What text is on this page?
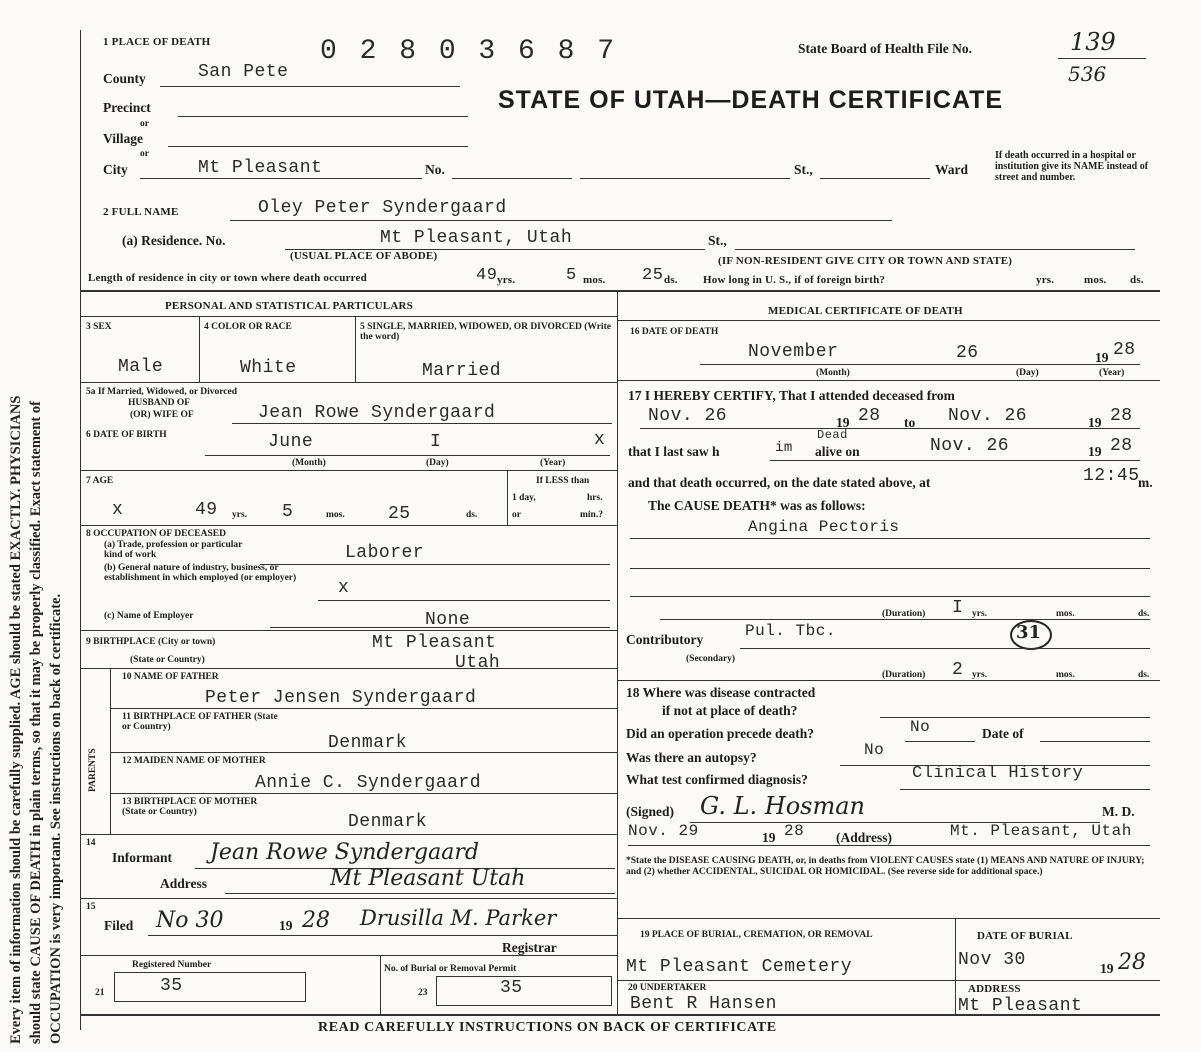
Every item of information should be carefully supplied. AGE should be stated EXACTLY. PHYSICIANS should state CAUSE OF DEATH in plain terms, so that it may be properly classified. Exact statement of OCCUPATION is very important. See instructions on back of certificate.
1 PLACE OF DEATH	0 2 8 0 3 6 8 7	State Board of Health File No.	139
536
STATE OF UTAH—DEATH CERTIFICATE
County	San Pete
Precinct
or
Village
or
City	Mt Pleasant	No.	St.,	Ward
If death occurred in a hospital or institution give its NAME instead of street and number.
2 FULL NAME	Oley Peter Syndergaard
(a) Residence. No.	Mt Pleasant, Utah	St.,
(USUAL PLACE OF ABODE)	(IF NON-RESIDENT GIVE CITY OR TOWN AND STATE)
Length of residence in city or town where death occurred	49 yrs.	5 mos. 25 ds. How long in U. S., if of foreign birth?	yrs.	mos. ds.
PERSONAL AND STATISTICAL PARTICULARS
3 SEX
Male
4 COLOR OR RACE
White
5 SINGLE, MARRIED, WIDOWED, OR DIVORCED (Write the word)
Married
5a If Married, Widowed, or Divorced
HUSBAND OF
(OR) WIFE OF	Jean Rowe Syndergaard
6 DATE OF BIRTH	June	I	x
(Month)	(Day)	(Year)
7 AGE
x	49 yrs. 5	mos. 25	ds.
If LESS than
1 day,	hrs.
or	min.?
8 OCCUPATION OF DECEASED
(a) Trade, profession or particular kind of work	Laborer
(b) General nature of industry, business, or establishment in which employed (or employer)	x
(c) Name of Employer	None
9 BIRTHPLACE (City or town)	Mt Pleasant
(State or Country)	Utah
PARENTS
10 NAME OF FATHER
Peter Jensen Syndergaard
11 BIRTHPLACE OF FATHER (State or Country)
Denmark
12 MAIDEN NAME OF MOTHER
Annie C. Syndergaard
13 BIRTHPLACE OF MOTHER (State or Country)	Denmark
14
Informant Jean Rowe Syndergaard
Address	Mt Pleasant Utah
15
Filed No 30	19 28 Drusilla M. Parker
Registrar
Registered Number	No. of Burial or Removal Permit
21	35	23	35
MEDICAL CERTIFICATE OF DEATH
16 DATE OF DEATH
November	26	19 28
(Month)	(Day)	(Year)
17 I HEREBY CERTIFY, That I attended deceased from
Nov. 26	19 28 to Nov. 26	19 28
that I last saw h	im
Dead
alive on	Nov. 26	19 28
and that death occurred, on the date stated above, at	12:45
m.
The CAUSE DEATH* was as follows:
Angina Pectoris
(Duration) I yrs.	mos.	ds.
Contributory	Pul. Tbc.	31
(Secondary)
(Duration) 2 yrs.	mos.	ds.
18 Where was disease contracted
if not at place of death?
Did an operation precede death?	No	Date of
Was there an autopsy?	No
What test confirmed diagnosis?	Clinical History
(Signed) G. L. Hosman	M. D.
Nov. 29	19 28 (Address)	Mt. Pleasant, Utah
*State the DISEASE CAUSING DEATH, or, in deaths from VIOLENT CAUSES state (1) MEANS AND NATURE OF INJURY; and (2) whether ACCIDENTAL, SUICIDAL OR HOMICIDAL. (See reverse side for additional space.)
19 PLACE OF BURIAL, CREMATION, OR REMOVAL
Mt Pleasant Cemetery
DATE OF BURIAL
Nov 30	19 28
20 UNDERTAKER
Bent R Hansen
ADDRESS
Mt Pleasant
READ CAREFULLY INSTRUCTIONS ON BACK OF CERTIFICATE
